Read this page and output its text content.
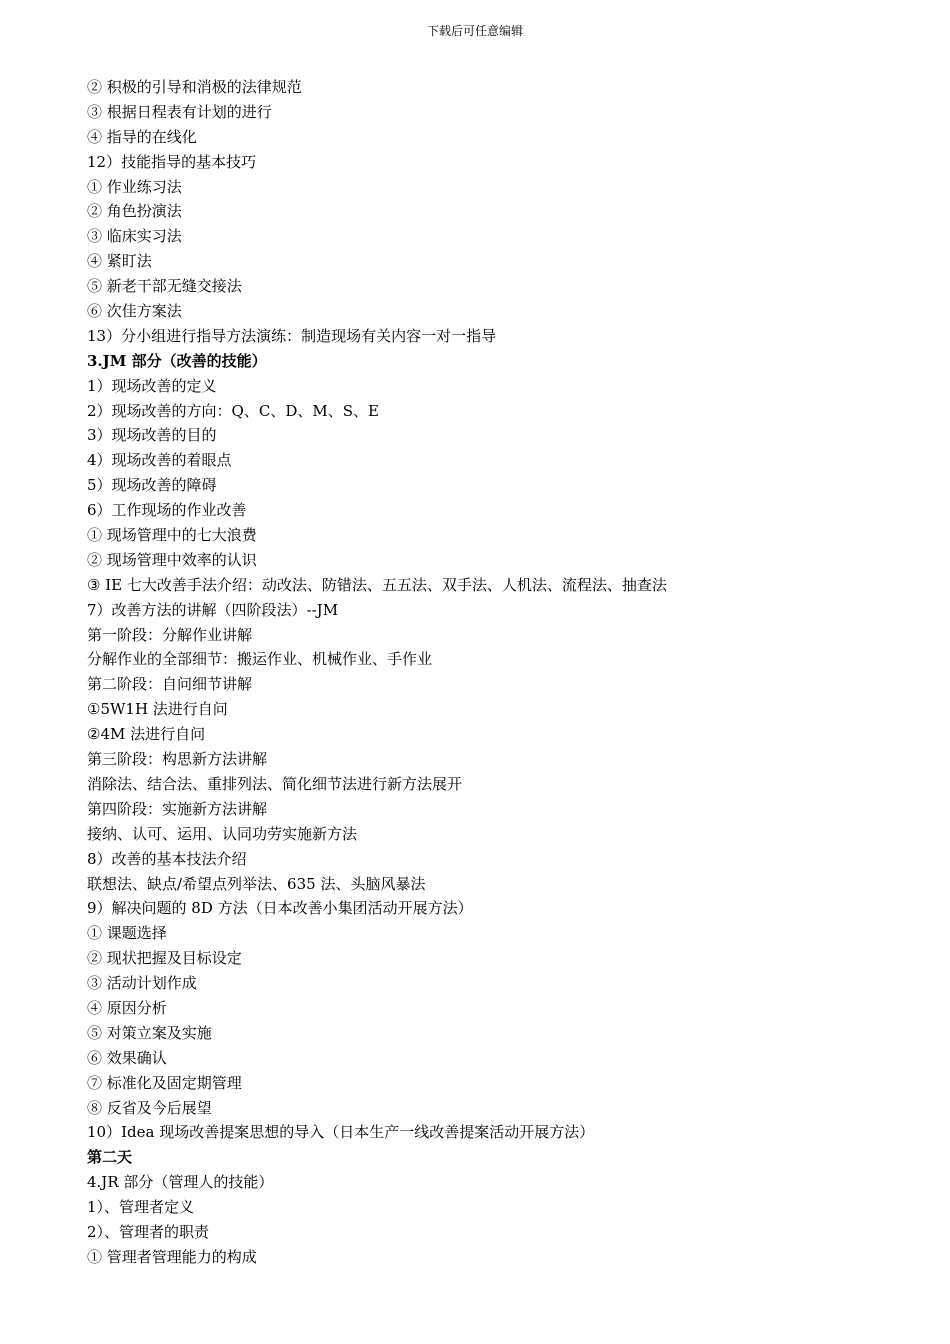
下载后可任意编辑
② 积极的引导和消极的法律规范
③ 根据日程表有计划的进行
④ 指导的在线化
12）技能指导的基本技巧
① 作业练习法
② 角色扮演法
③ 临床实习法
④ 紧盯法
⑤ 新老干部无缝交接法
⑥ 次佳方案法
13）分小组进行指导方法演练：制造现场有关内容一对一指导
3.JM 部分（改善的技能）
1）现场改善的定义
2）现场改善的方向：Q、C、D、M、S、E
3）现场改善的目的
4）现场改善的着眼点
5）现场改善的障碍
6）工作现场的作业改善
① 现场管理中的七大浪费
② 现场管理中效率的认识
③ IE 七大改善手法介绍：动改法、防错法、五五法、双手法、人机法、流程法、抽查法
7）改善方法的讲解（四阶段法）--JM
第一阶段：分解作业讲解
分解作业的全部细节：搬运作业、机械作业、手作业
第二阶段：自问细节讲解
①5W1H 法进行自问
②4M 法进行自问
第三阶段：构思新方法讲解
消除法、结合法、重排列法、简化细节法进行新方法展开
第四阶段：实施新方法讲解
接纳、认可、运用、认同功劳实施新方法
8）改善的基本技法介绍
联想法、缺点/希望点列举法、635 法、头脑风暴法
9）解决问题的 8D 方法（日本改善小集团活动开展方法）
① 课题选择
② 现状把握及目标设定
③ 活动计划作成
④ 原因分析
⑤ 对策立案及实施
⑥ 效果确认
⑦ 标准化及固定期管理
⑧ 反省及今后展望
10）Idea 现场改善提案思想的导入（日本生产一线改善提案活动开展方法）
第二天
4.JR 部分（管理人的技能）
1）、管理者定义
2）、管理者的职责
① 管理者管理能力的构成
